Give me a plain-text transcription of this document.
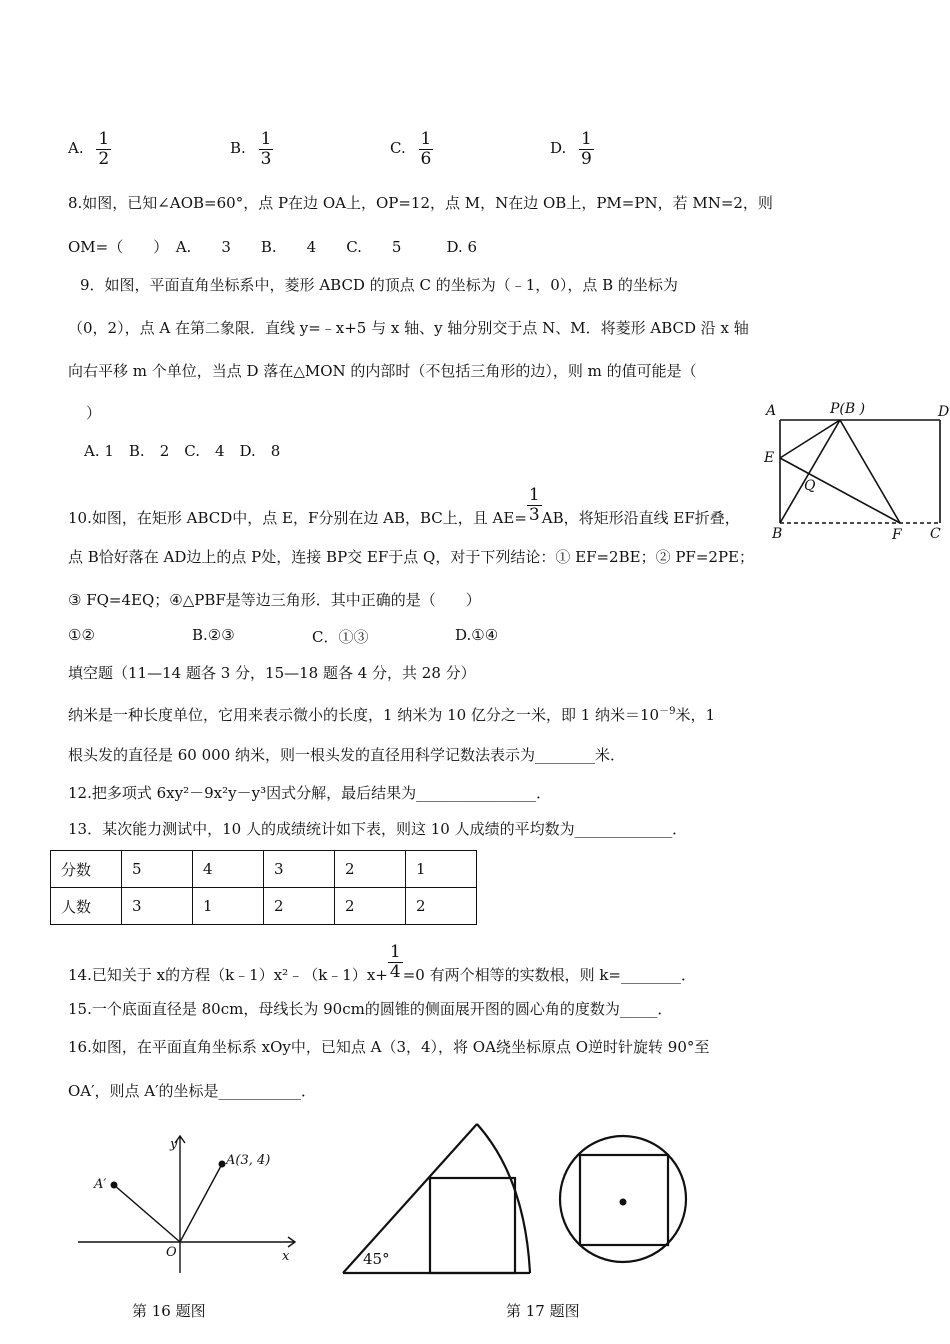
A. $\frac{1}{2}$	B. $\frac{1}{3}$	C. $\frac{1}{6}$	D. $\frac{1}{9}$
8.如图，已知∠AOB=60°，点 P在边 OA上，OP=12，点 M，N在边 OB上，PM=PN，若 MN=2，则
OM=（　　）　A.　　3　　B.　　4　　C.　　5　　　D. 6
9．如图，平面直角坐标系中，菱形 ABCD 的顶点 C 的坐标为（﹣1，0），点 B 的坐标为
（0，2），点 A 在第二象限．直线 y=﹣x+5 与 x 轴、y 轴分别交于点 N、M．将菱形 ABCD 沿 x 轴
向右平移 m 个单位，当点 D 落在△MON 的内部时（不包括三角形的边），则 m 的值可能是（
）
A. 1　B.　2　C.　4　D.　8
10.如图，在矩形 ABCD中，点 E，F分别在边 AB，BC上，且 $AE= \frac{1}{3}$ AB，将矩形沿直线 EF折叠，
点 B恰好落在 AD边上的点 P处，连接 BP交 EF于点 Q，对于下列结论：① EF=2BE；② PF=2PE；
③ FQ=4EQ；④△PBF是等边三角形．其中正确的是（　　）
①②	B.②③	C．①③	D.①④
A	P(B )	D
E
Q
B	F C
填空题（11—14 题各 3 分，15—18 题各 4 分，共 28 分）
纳米是一种长度单位，它用来表示微小的长度，1 纳米为 10 亿分之一米，即 1 纳米$=10^{-9}$米，1
根头发的直径是 60 000 纳米，则一根头发的直径用科学记数法表示为________米．
12.把多项式 6xy²－9x²y－y³因式分解，最后结果为________________．
13．某次能力测试中，10 人的成绩统计如下表，则这 10 人成绩的平均数为_____________．
分数	5	4	3	2	1
人数	3	1	2	2	2
14.已知关于 x的方程（k﹣1）x²﹣（k﹣1）x+ $\frac{1}{4} =0$ 有两个相等的实数根，则 k=________．
15.一个底面直径是 80cm，母线长为 90cm的圆锥的侧面展开图的圆心角的度数为_____．
16.如图，在平面直角坐标系 xOy中，已知点 A（3，4），将 OA绕坐标原点 O逆时针旋转 90°至
OA′，则点 A′的坐标是___________．
y
x
O
A(3, 4)
A′
45°
第 16 题图	第 17 题图
